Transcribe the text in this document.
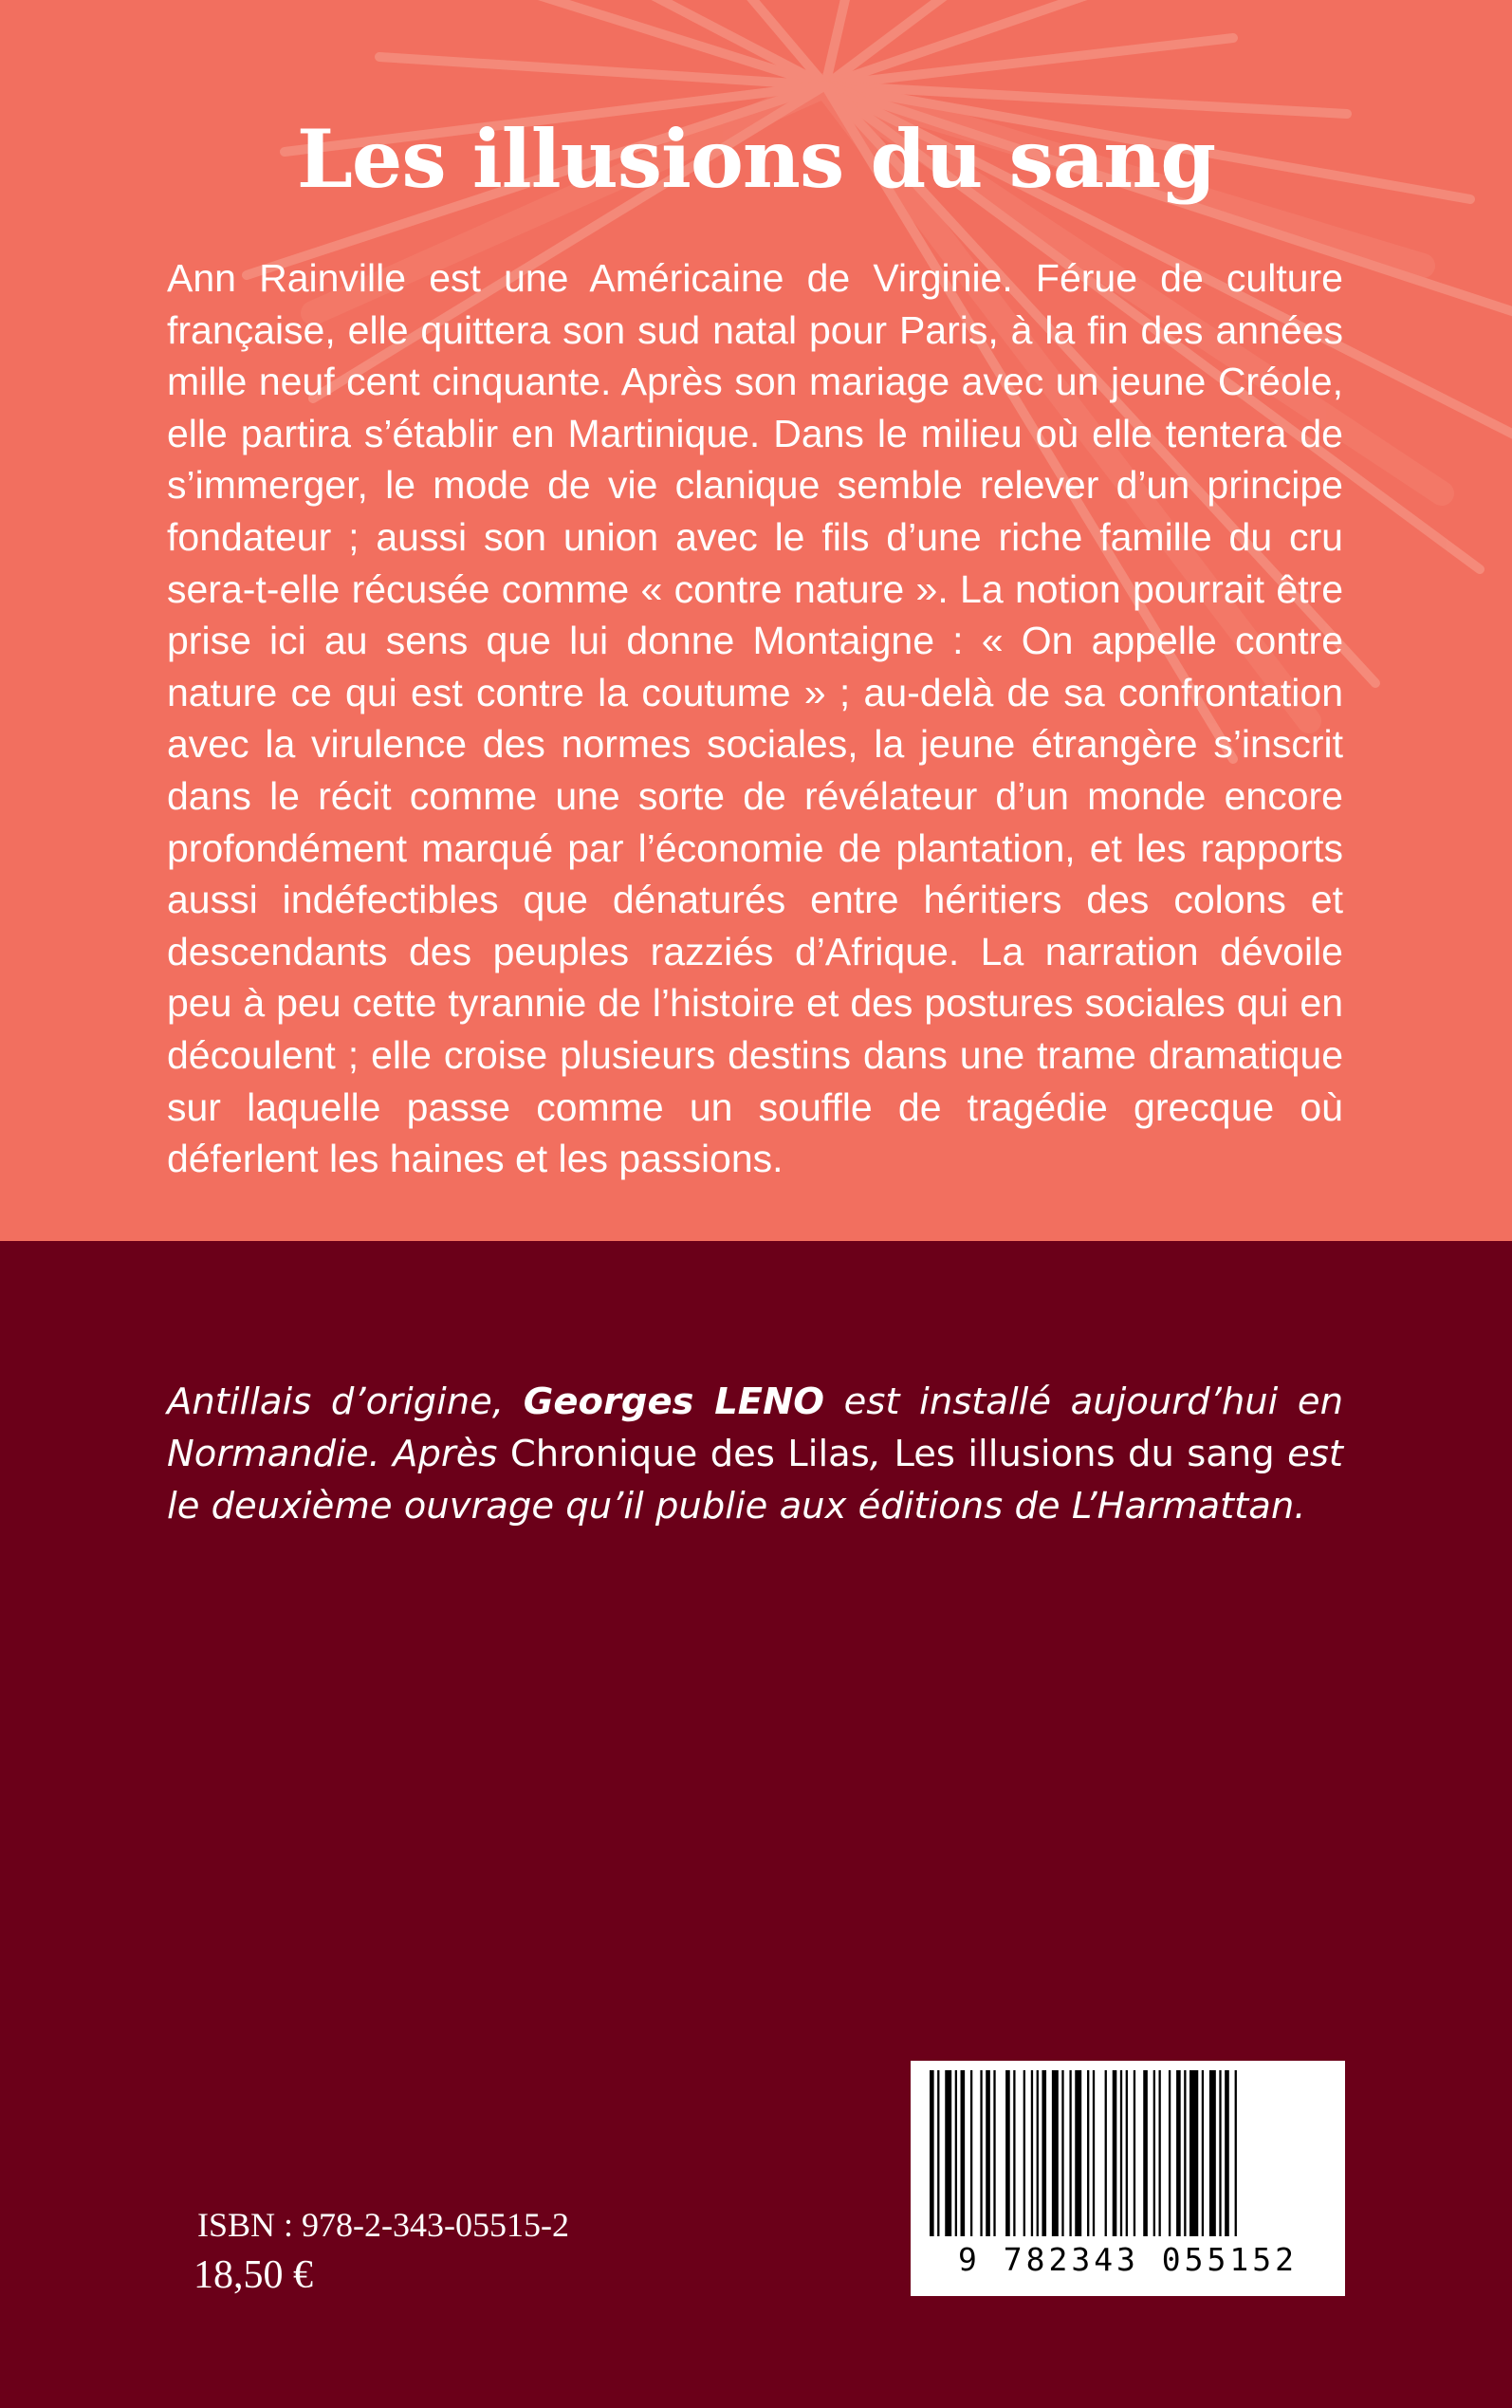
Les illusions du sang

Ann Rainville est une Américaine de Virginie. Férue de culture française, elle quittera son sud natal pour Paris, à la fin des années mille neuf cent cinquante. Après son mariage avec un jeune Créole, elle partira s’établir en Martinique. Dans le milieu où elle tentera de s’immerger, le mode de vie clanique semble relever d’un principe fondateur ; aussi son union avec le fils d’une riche famille du cru sera-t-elle récusée comme « contre nature ». La notion pourrait être prise ici au sens que lui donne Montaigne : « On appelle contre nature ce qui est contre la coutume » ; au-delà de sa confrontation avec la virulence des normes sociales, la jeune étrangère s’inscrit dans le récit comme une sorte de révélateur d’un monde encore profondément marqué par l’économie de plantation, et les rapports aussi indéfectibles que dénaturés entre héritiers des colons et descendants des peuples razziés d’Afrique. La narration dévoile peu à peu cette tyrannie de l’histoire et des postures sociales qui en découlent ; elle croise plusieurs destins dans une trame dramatique sur laquelle passe comme un souffle de tragédie grecque où déferlent les haines et les passions.

Antillais d’origine, Georges LENO est installé aujourd’hui en Normandie. Après Chronique des Lilas, Les illusions du sang est le deuxième ouvrage qu’il publie aux éditions de L’Harmattan.

ISBN : 978-2-343-05515-2

18,50 €	9 782343 055152
